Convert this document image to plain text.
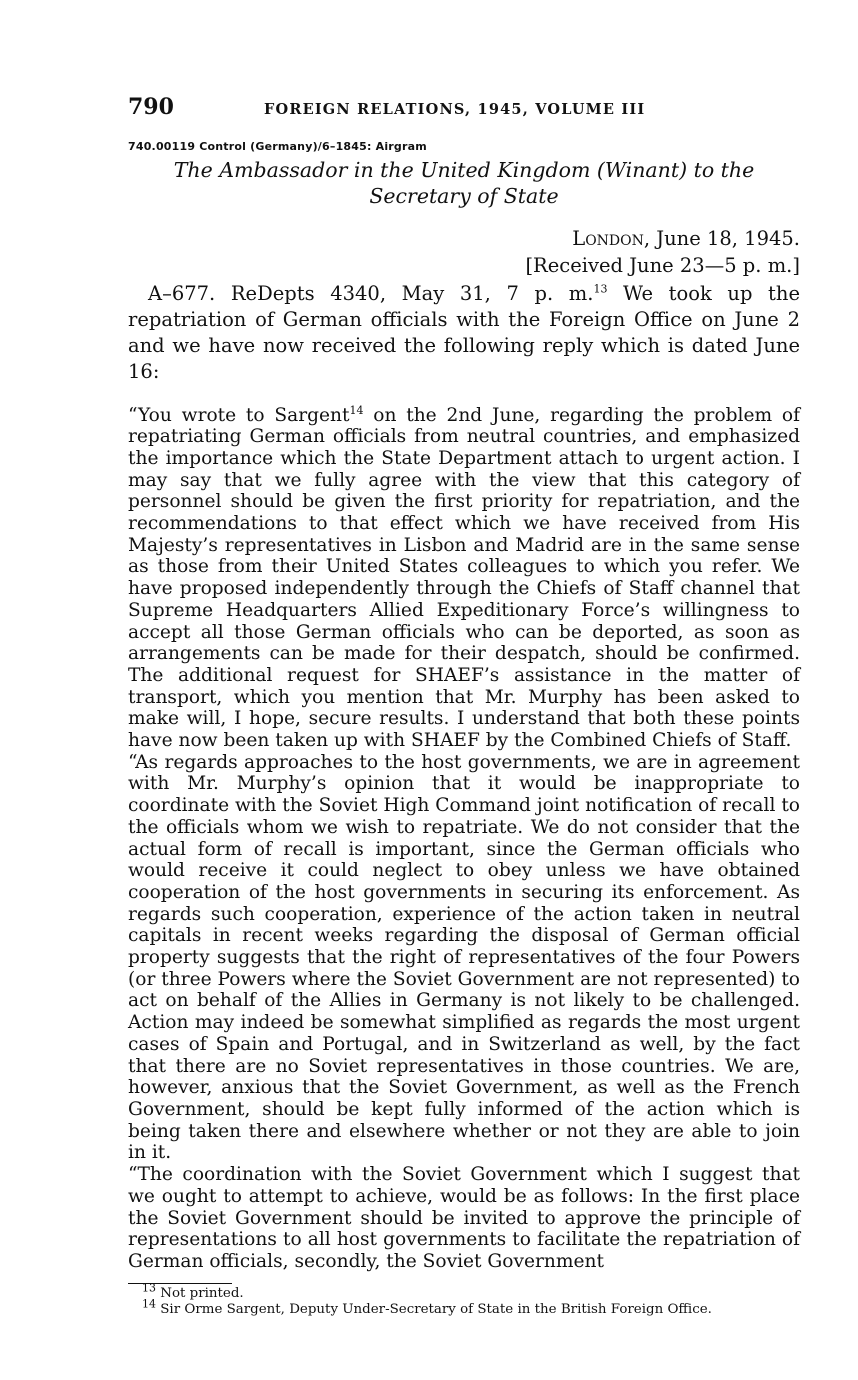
790	FOREIGN RELATIONS, 1945, VOLUME III
740.00119 Control (Germany)/6–1845: Airgram
The Ambassador in the United Kingdom (Winant) to the Secretary of State
London, June 18, 1945.
[Received June 23—5 p. m.]

A–677. ReDepts 4340, May 31, 7 p. m.$^{13}$ We took up the repatriation of German officials with the Foreign Office on June 2 and we have now received the following reply which is dated June 16:

“You wrote to Sargent$^{14}$ on the 2nd June, regarding the problem of repatriating German officials from neutral countries, and emphasized the importance which the State Department attach to urgent action. I may say that we fully agree with the view that this category of personnel should be given the first priority for repatriation, and the recommendations to that effect which we have received from His Majesty’s representatives in Lisbon and Madrid are in the same sense as those from their United States colleagues to which you refer. We have proposed independently through the Chiefs of Staff channel that Supreme Headquarters Allied Expeditionary Force’s willingness to accept all those German officials who can be deported, as soon as arrangements can be made for their despatch, should be confirmed. The additional request for SHAEF’s assistance in the matter of transport, which you mention that Mr. Murphy has been asked to make will, I hope, secure results. I understand that both these points have now been taken up with SHAEF by the Combined Chiefs of Staff.

“As regards approaches to the host governments, we are in agreement with Mr. Murphy’s opinion that it would be inappropriate to coordinate with the Soviet High Command joint notification of recall to the officials whom we wish to repatriate. We do not consider that the actual form of recall is important, since the German officials who would receive it could neglect to obey unless we have obtained cooperation of the host governments in securing its enforcement. As regards such cooperation, experience of the action taken in neutral capitals in recent weeks regarding the disposal of German official property suggests that the right of representatives of the four Powers (or three Powers where the Soviet Government are not represented) to act on behalf of the Allies in Germany is not likely to be challenged. Action may indeed be somewhat simplified as regards the most urgent cases of Spain and Portugal, and in Switzerland as well, by the fact that there are no Soviet representatives in those countries. We are, however, anxious that the Soviet Government, as well as the French Government, should be kept fully informed of the action which is being taken there and elsewhere whether or not they are able to join in it.

“The coordination with the Soviet Government which I suggest that we ought to attempt to achieve, would be as follows: In the first place the Soviet Government should be invited to approve the principle of representations to all host governments to facilitate the repatriation of German officials, secondly, the Soviet Government

$^{13}$ Not printed.

$^{14}$ Sir Orme Sargent, Deputy Under-Secretary of State in the British Foreign Office.
